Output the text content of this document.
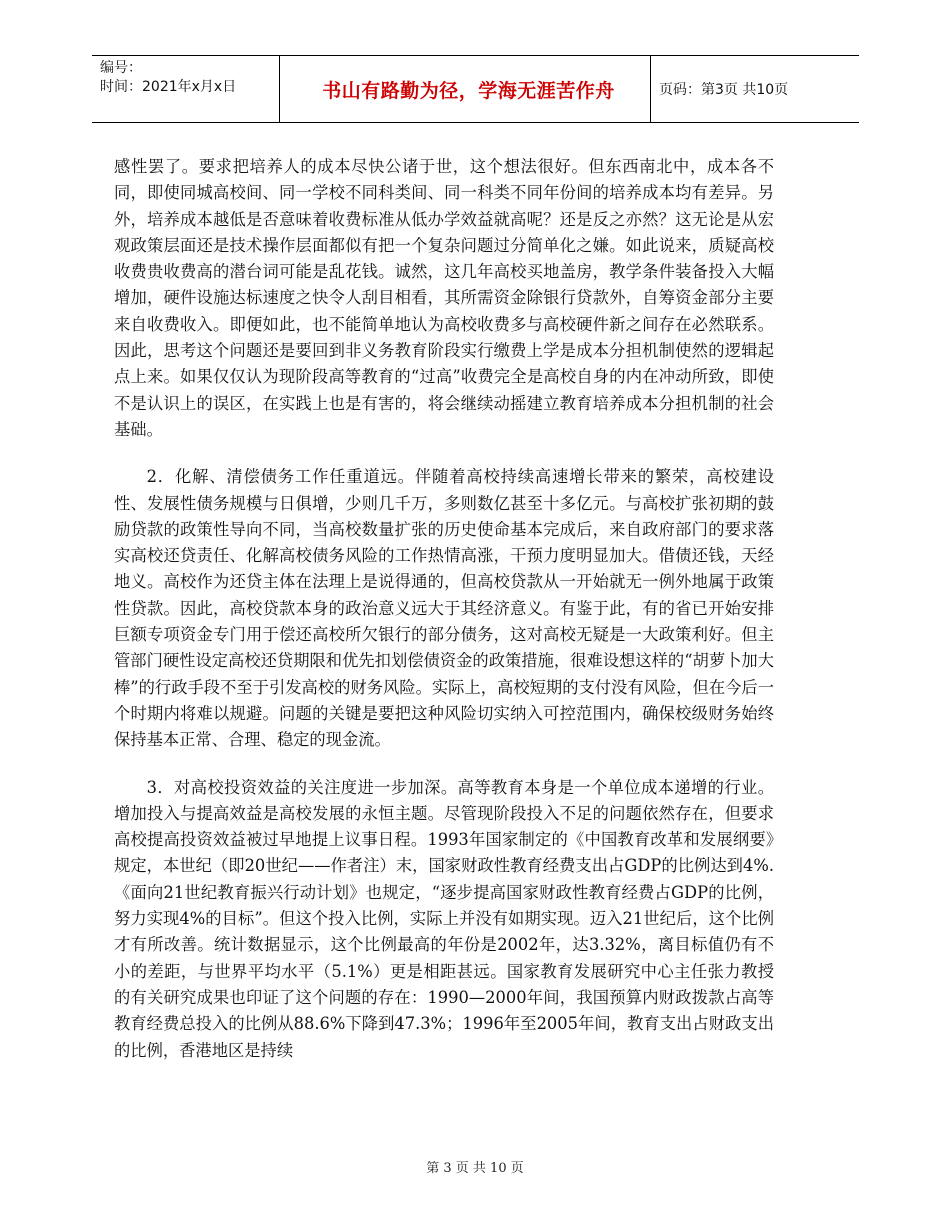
编号：
时间：2021年x月x日	书山有路勤为径，学海无涯苦作舟	页码：第3页 共10页

感性罢了。要求把培养人的成本尽快公诸于世，这个想法很好。但东西南北中，成本各不同，即使同城高校间、同一学校不同科类间、同一科类不同年份间的培养成本均有差异。另外，培养成本越低是否意味着收费标准从低办学效益就高呢？还是反之亦然？这无论是从宏观政策层面还是技术操作层面都似有把一个复杂问题过分简单化之嫌。如此说来，质疑高校收费贵收费高的潜台词可能是乱花钱。诚然，这几年高校买地盖房，教学条件装备投入大幅增加，硬件设施达标速度之快令人刮目相看，其所需资金除银行贷款外，自筹资金部分主要来自收费收入。即便如此，也不能简单地认为高校收费多与高校硬件新之间存在必然联系。因此，思考这个问题还是要回到非义务教育阶段实行缴费上学是成本分担机制使然的逻辑起点上来。如果仅仅认为现阶段高等教育的“过高”收费完全是高校自身的内在冲动所致，即使不是认识上的误区，在实践上也是有害的，将会继续动摇建立教育培养成本分担机制的社会基础。

2．化解、清偿债务工作任重道远。伴随着高校持续高速增长带来的繁荣，高校建设性、发展性债务规模与日俱增，少则几千万，多则数亿甚至十多亿元。与高校扩张初期的鼓励贷款的政策性导向不同，当高校数量扩张的历史使命基本完成后，来自政府部门的要求落实高校还贷责任、化解高校债务风险的工作热情高涨，干预力度明显加大。借债还钱，天经地义。高校作为还贷主体在法理上是说得通的，但高校贷款从一开始就无一例外地属于政策性贷款。因此，高校贷款本身的政治意义远大于其经济意义。有鉴于此，有的省已开始安排巨额专项资金专门用于偿还高校所欠银行的部分债务，这对高校无疑是一大政策利好。但主管部门硬性设定高校还贷期限和优先扣划偿债资金的政策措施，很难设想这样的“胡萝卜加大棒”的行政手段不至于引发高校的财务风险。实际上，高校短期的支付没有风险，但在今后一个时期内将难以规避。问题的关键是要把这种风险切实纳入可控范围内，确保校级财务始终保持基本正常、合理、稳定的现金流。

3．对高校投资效益的关注度进一步加深。高等教育本身是一个单位成本递增的行业。增加投入与提高效益是高校发展的永恒主题。尽管现阶段投入不足的问题依然存在，但要求高校提高投资效益被过早地提上议事日程。1993年国家制定的《中国教育改革和发展纲要》规定，本世纪（即20世纪——作者注）末，国家财政性教育经费支出占GDP的比例达到4%.《面向21世纪教育振兴行动计划》也规定，“逐步提高国家财政性教育经费占GDP的比例，努力实现4%的目标”。但这个投入比例，实际上并没有如期实现。迈入21世纪后，这个比例才有所改善。统计数据显示，这个比例最高的年份是2002年，达3.32%，离目标值仍有不小的差距，与世界平均水平（5.1%）更是相距甚远。国家教育发展研究中心主任张力教授的有关研究成果也印证了这个问题的存在：1990—2000年间，我国预算内财政拨款占高等教育经费总投入的比例从88.6%下降到47.3%；1996年至2005年间，教育支出占财政支出的比例，香港地区是持续

第 3 页 共 10 页
